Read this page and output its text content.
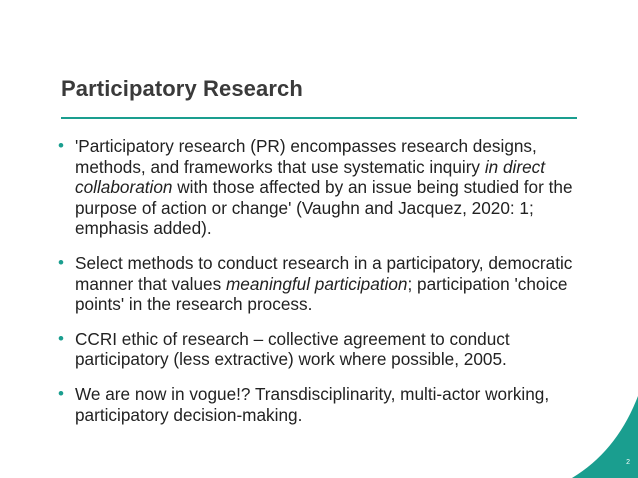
Participatory Research
• 'Participatory research (PR) encompasses research designs, methods, and frameworks that use systematic inquiry in direct collaboration with those affected by an issue being studied for the purpose of action or change' (Vaughn and Jacquez, 2020: 1; emphasis added).
• Select methods to conduct research in a participatory, democratic manner that values meaningful participation; participation 'choice points' in the research process.
• CCRI ethic of research – collective agreement to conduct participatory (less extractive) work where possible, 2005.
• We are now in vogue!? Transdisciplinarity, multi-actor working, participatory decision-making.
2
